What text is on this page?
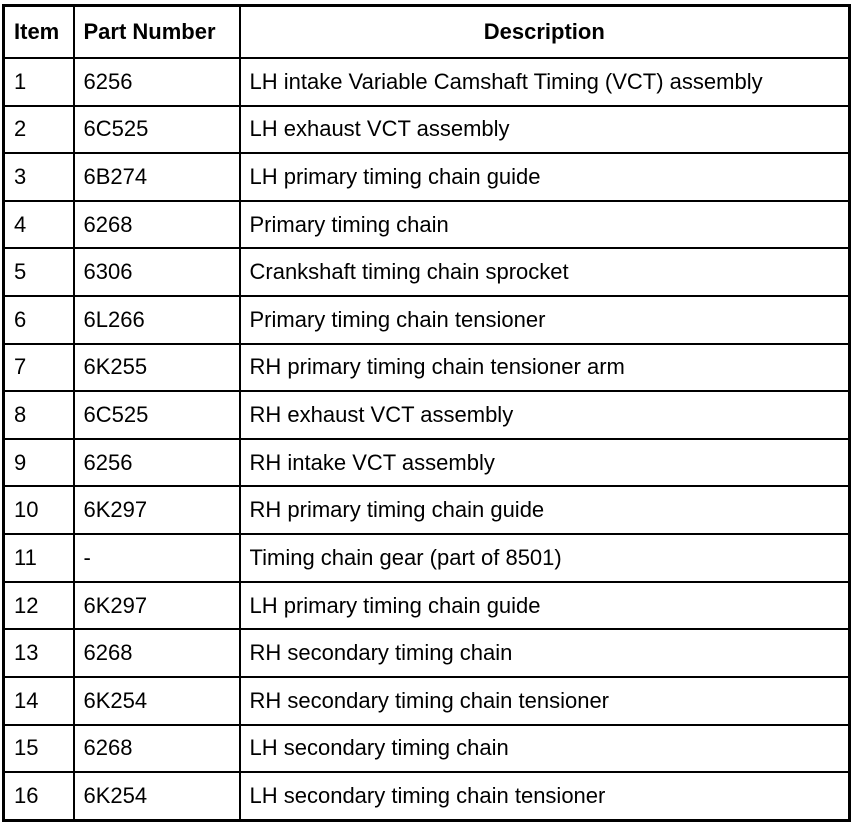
Item	Part Number	Description
1	6256	LH intake Variable Camshaft Timing (VCT) assembly
2	6C525	LH exhaust VCT assembly
3	6B274	LH primary timing chain guide
4	6268	Primary timing chain
5	6306	Crankshaft timing chain sprocket
6	6L266	Primary timing chain tensioner
7	6K255	RH primary timing chain tensioner arm
8	6C525	RH exhaust VCT assembly
9	6256	RH intake VCT assembly
10	6K297	RH primary timing chain guide
11	-	Timing chain gear (part of 8501)
12	6K297	LH primary timing chain guide
13	6268	RH secondary timing chain
14	6K254	RH secondary timing chain tensioner
15	6268	LH secondary timing chain
16	6K254	LH secondary timing chain tensioner
